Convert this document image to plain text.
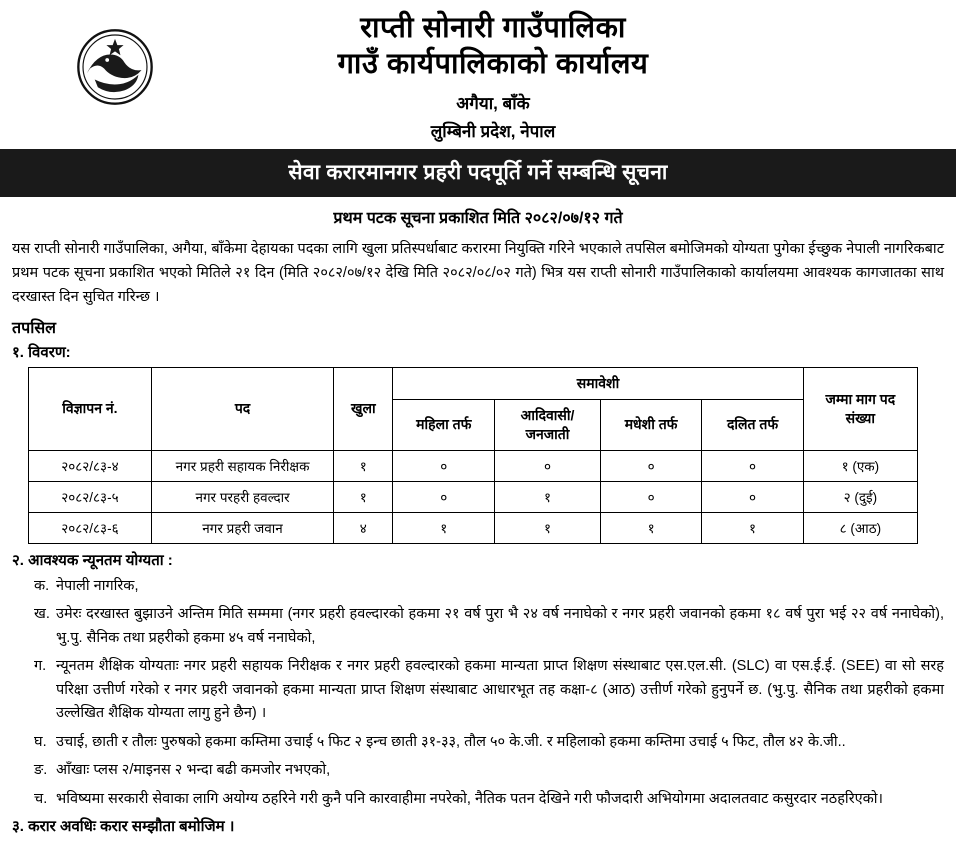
राप्ती सोनारी गाउँपालिका
गाउँ कार्यपालिकाको कार्यालय
अगैया, बाँके
लुम्बिनी प्रदेश, नेपाल
सेवा करारमानगर प्रहरी पदपूर्ति गर्ने सम्बन्धि सूचना
प्रथम पटक सूचना प्रकाशित मिति २०८२/०७/१२ गते

यस राप्ती सोनारी गाउँपालिका, अगैया, बाँकेमा देहायका पदका लागि खुला प्रतिस्पर्धाबाट करारमा नियुक्ति गरिने भएकाले तपसिल बमोजिमको योग्यता पुगेका ईच्छुक नेपाली नागरिकबाट प्रथम पटक सूचना प्रकाशित भएको मितिले २१ दिन (मिति २०८२/०७/१२ देखि मिति २०८२/०८/०२ गते) भित्र यस राप्ती सोनारी गाउँपालिकाको कार्यालयमा आवश्यक कागजातका साथ दरखास्त दिन सुचित गरिन्छ ।

तपसिल
१. विवरण:
विज्ञापन नं.	पद	खुला	समावेशी				जम्मा माग पद
संख्या

			महिला तर्फ	आदिवासी/जनजाती	मधेशी तर्फ	दलित तर्फ	
२०८२/८३-४	नगर प्रहरी सहायक निरीक्षक	१	०	०	०	०	१ (एक)
२०८२/८३-५	नगर परहरी हवल्दार	१	०	१	०	०	२ (दुई)
२०८२/८३-६	नगर प्रहरी जवान	४	१	१	१	१	८ (आठ)
२. आवश्यक न्यूनतम योग्यता :
क. नेपाली नागरिक,
ख. उमेरः दरखास्त बुझाउने अन्तिम मिति सम्ममा (नगर प्रहरी हवल्दारको हकमा २१ वर्ष पुरा भै २४ वर्ष ननाघेको र नगर प्रहरी जवानको हकमा १८ वर्ष पुरा भई २२ वर्ष ननाघेको), भु.पु. सैनिक तथा प्रहरीको हकमा ४५ वर्ष ननाघेको,
ग. न्यूनतम शैक्षिक योग्यताः नगर प्रहरी सहायक निरीक्षक र नगर प्रहरी हवल्दारको हकमा मान्यता प्राप्त शिक्षण संस्थाबाट एस.एल.सी. (SLC) वा एस.ई.ई. (SEE) वा सो सरह परिक्षा उत्तीर्ण गरेको र नगर प्रहरी जवानको हकमा मान्यता प्राप्त शिक्षण संस्थाबाट आधारभूत तह कक्षा-८ (आठ) उत्तीर्ण गरेको हुनुपर्ने छ. (भु.पु. सैनिक तथा प्रहरीको हकमा उल्लेखित शैक्षिक योग्यता लागु हुने छैन) ।
घ. उचाई, छाती र तौलः पुरुषको हकमा कम्तिमा उचाई ५ फिट २ इन्च छाती ३१-३३, तौल ५० के.जी. र महिलाको हकमा कम्तिमा उचाई ५ फिट, तौल ४२ के.जी..
ङ. आँखाः प्लस २/माइनस २ भन्दा बढी कमजोर नभएको,
च. भविष्यमा सरकारी सेवाका लागि अयोग्य ठहरिने गरी कुनै पनि कारवाहीमा नपरेको, नैतिक पतन देखिने गरी फौजदारी अभियोगमा अदालतवाट कसुरदार नठहरिएको।
३. करार अवधिः करार सम्झौता बमोजिम ।
